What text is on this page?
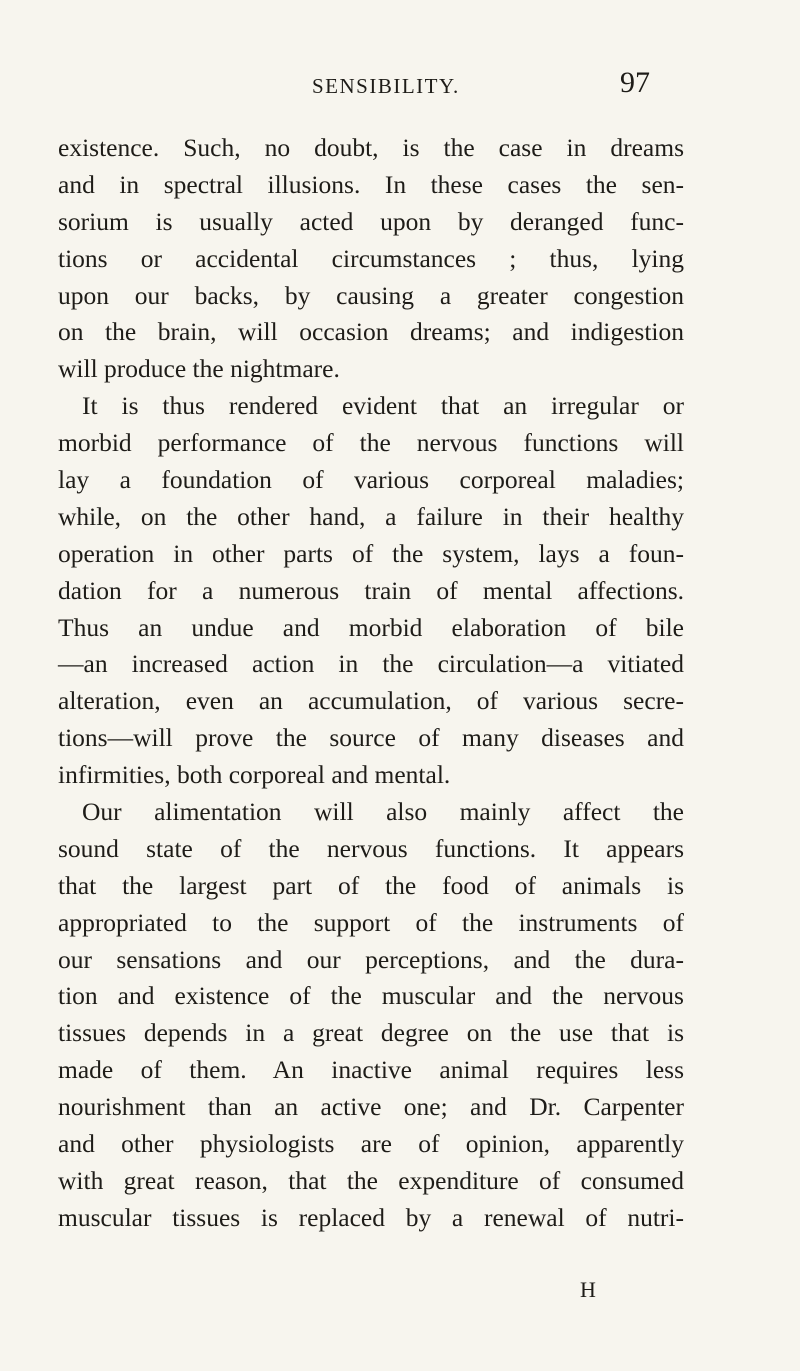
SENSIBILITY.	97
existence. Such, no doubt, is the case in dreams
and in spectral illusions. In these cases the sen-
sorium is usually acted upon by deranged func-
tions or accidental circumstances ; thus, lying
upon our backs, by causing a greater congestion
on the brain, will occasion dreams; and indigestion
will produce the nightmare.
It is thus rendered evident that an irregular or
morbid performance of the nervous functions will
lay a foundation of various corporeal maladies;
while, on the other hand, a failure in their healthy
operation in other parts of the system, lays a foun-
dation for a numerous train of mental affections.
Thus an undue and morbid elaboration of bile
—an increased action in the circulation—a vitiated
alteration, even an accumulation, of various secre-
tions—will prove the source of many diseases and
infirmities, both corporeal and mental.
Our alimentation will also mainly affect the
sound state of the nervous functions. It appears
that the largest part of the food of animals is
appropriated to the support of the instruments of
our sensations and our perceptions, and the dura-
tion and existence of the muscular and the nervous
tissues depends in a great degree on the use that is
made of them. An inactive animal requires less
nourishment than an active one; and Dr. Carpenter
and other physiologists are of opinion, apparently
with great reason, that the expenditure of consumed
muscular tissues is replaced by a renewal of nutri-
H
